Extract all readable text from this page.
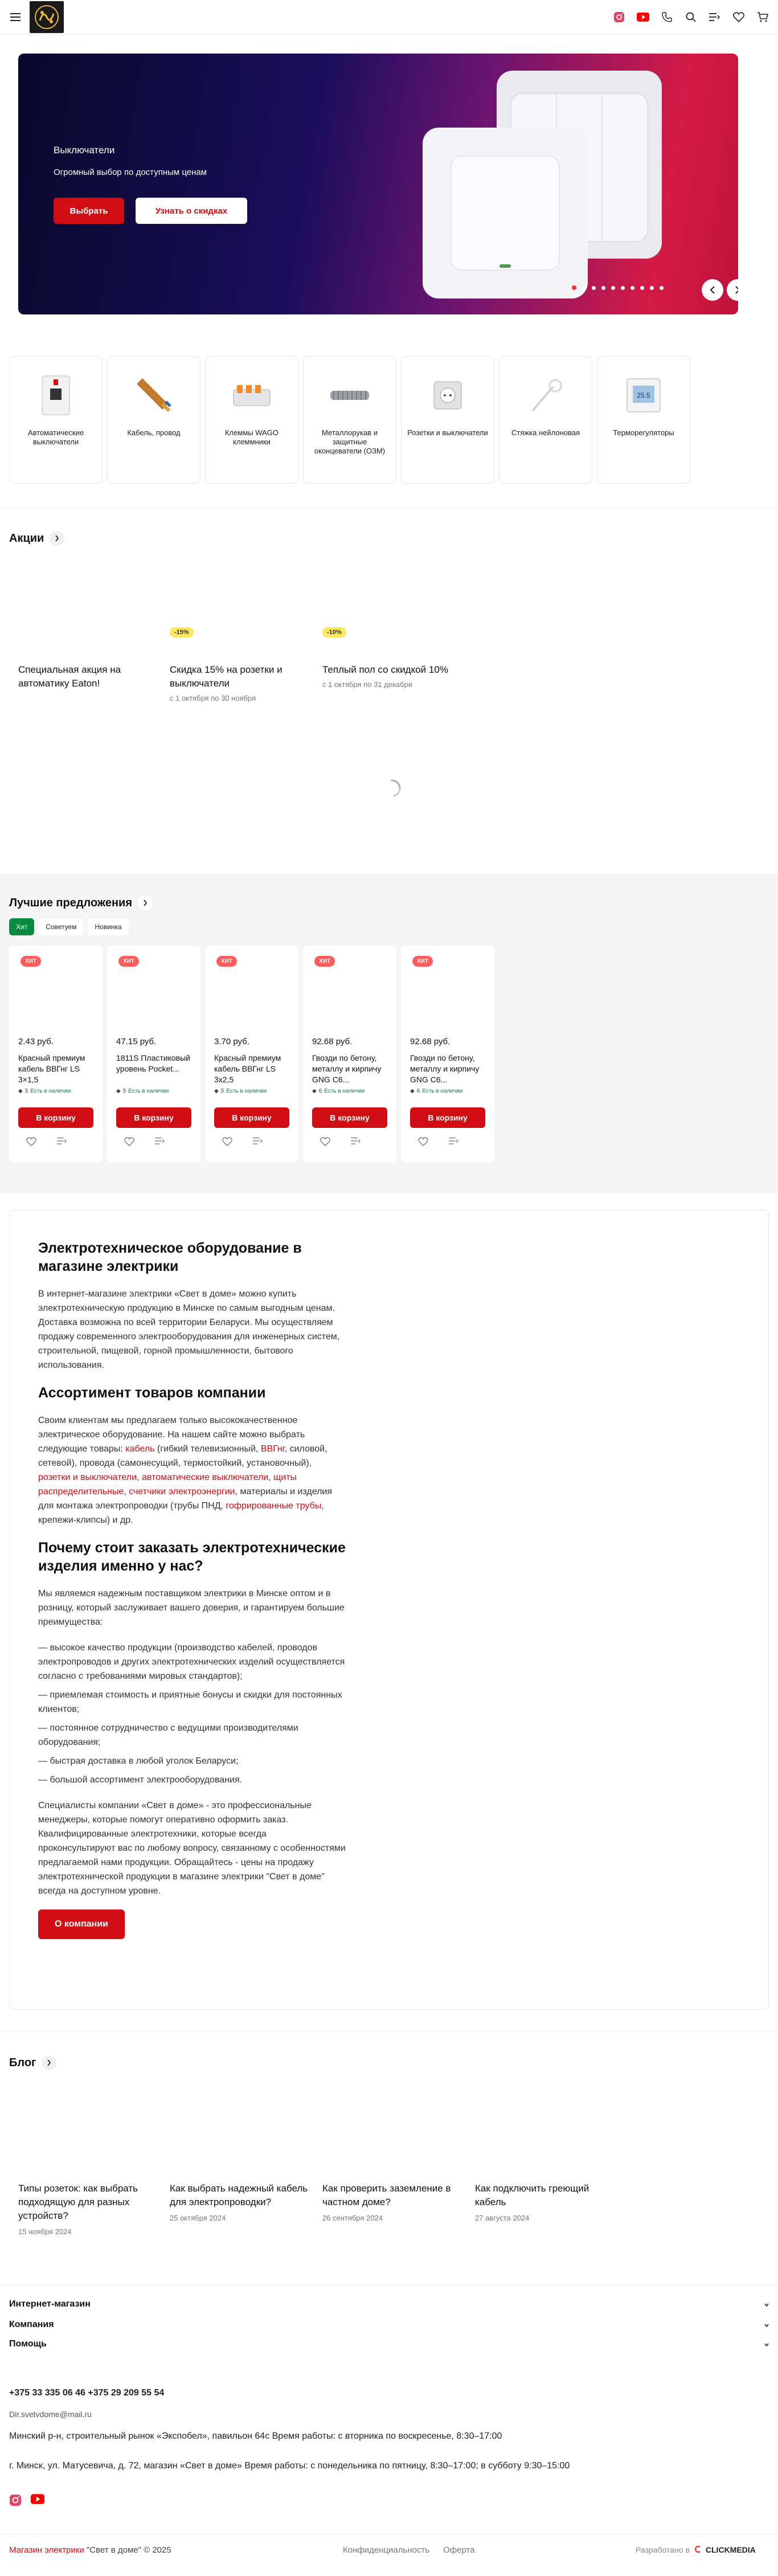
Выключатели
Огромный выбор по доступным ценам
Выбрать	Узнать о скидках
Автоматические выключатели
Кабель, провод	Клеммы WAGO клеммники
Металлорукав и защитные оконцеватели (ОЗМ)
Розетки и выключатели	Стяжка нейлоновая
25.5
Терморегуляторы
Акции
Специальная акция на автоматику Eaton!
-15%
Скидка 15% на розетки и выключатели
с 1 октября по 30 ноября
-10%
Теплый пол со скидкой 10%
с 1 октября по 31 декабря
Лучшие предложения
Хит	Советуем	Новинка
ХИТ
2.43 руб.
Красный премиум кабель ВВГнг LS 3×1,5
◆ 5 Есть в наличии
В корзину
ХИТ
47.15 руб.
1811S Пластиковый уровень Pocket...
◆ 5 Есть в наличии
В корзину
ХИТ
3.70 руб.
Красный премиум кабель ВВГнг LS 3х2,5
◆ 5 Есть в наличии
В корзину
ХИТ
92.68 руб.
Гвозди по бетону, металлу и кирпичу GNG C6...
◆ 6 Есть в наличии
В корзину
ХИТ
92.68 руб.
Гвозди по бетону, металлу и кирпичу GNG C6...
◆ 6 Есть в наличии
В корзину
Электротехническое оборудование в магазине электрики

В интернет-магазине электрики «Свет в доме» можно купить электротехническую продукцию в Минске по самым выгодным ценам. Доставка возможна по всей территории Беларуси. Мы осуществляем продажу современного электрооборудования для инженерных систем, строительной, пищевой, горной промышленности, бытового использования.

Ассортимент товаров компании

Своим клиентам мы предлагаем только высококачественное электрическое оборудование. На нашем сайте можно выбрать следующие товары: кабель (гибкий телевизионный, ВВГнг, силовой, сетевой), провода (самонесущий, термостойкий, установочный), розетки и выключатели, автоматические выключатели, щиты распределительные, счетчики электроэнергии, материалы и изделия для монтажа электропроводки (трубы ПНД, гофрированные трубы, крепежи-клипсы) и др.

Почему стоит заказать электротехнические изделия именно у нас?

Мы являемся надежным поставщиком электрики в Минске оптом и в розницу, который заслуживает вашего доверия, и гарантируем большие преимущества:

— высокое качество продукции (производство кабелей, проводов электропроводов и других электротехнических изделий осуществляется согласно с требованиями мировых стандартов);

— приемлемая стоимость и приятные бонусы и скидки для постоянных клиентов;

— постоянное сотрудничество с ведущими производителями оборудования;

— быстрая доставка в любой уголок Беларуси;

— большой ассортимент электрооборудования.

Специалисты компании «Свет в доме» - это профессиональные менеджеры, которые помогут оперативно оформить заказ. Квалифицированные электротехники, которые всегда проконсультируют вас по любому вопросу, связанному с особенностями предлагаемой нами продукции. Обращайтесь - цены на продажу электротехнической продукции в магазине электрики "Свет в доме" всегда на доступном уровне.

О компании
Блог
Типы розеток: как выбрать подходящую для разных устройств?
15 ноября 2024
Как выбрать надежный кабель для электропроводки?
25 октября 2024
Как проверить заземление в частном доме?
26 сентября 2024
Как подключить греющий кабель
27 августа 2024
Интернет-магазин
Компания
Помощь
+375 33 335 06 46 +375 29 209 55 54
Dir.svetvdome@mail.ru
Минский р-н, строительный рынок «Экспобел», павильон 64с Время работы: с вторника по воскресенье, 8:30–17:00
г. Минск, ул. Матусевича, д. 72, магазин «Свет в доме» Время работы: с понедельника по пятницу, 8:30–17:00; в субботу 9:30–15:00
Магазин электрики "Свет в доме" © 2025	Конфиденциальность Оферта	Разработано в CLICKMEDIA
